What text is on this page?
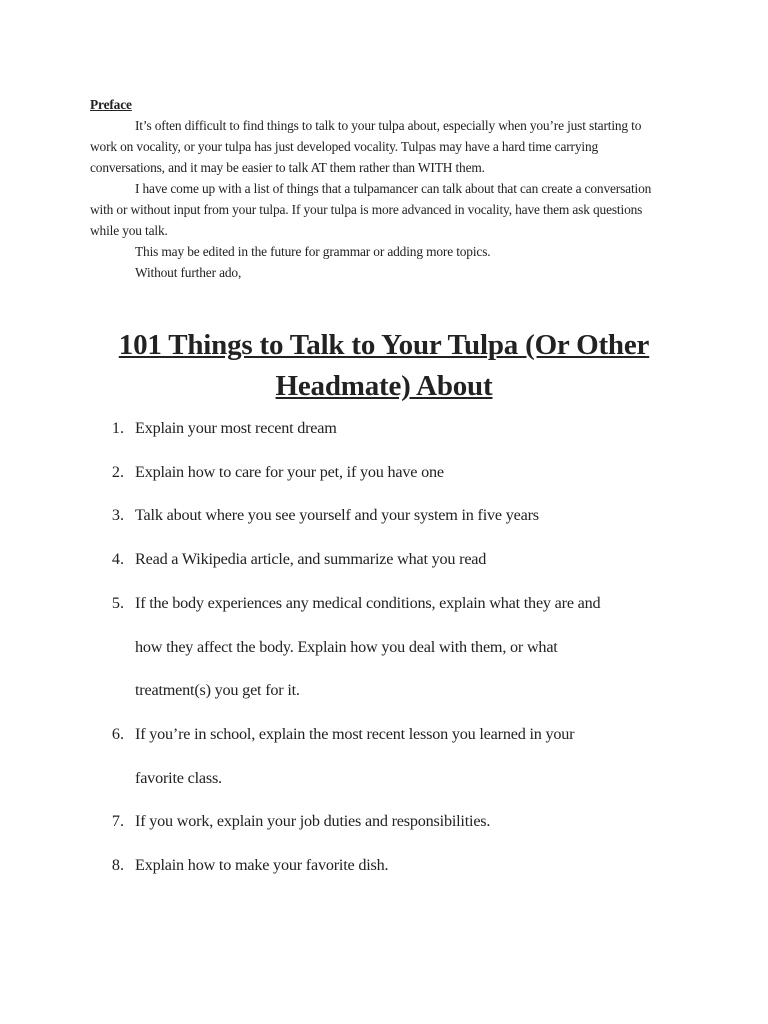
Preface

It’s often difficult to find things to talk to your tulpa about, especially when you’re just starting to work on vocality, or your tulpa has just developed vocality. Tulpas may have a hard time carrying conversations, and it may be easier to talk AT them rather than WITH them.

I have come up with a list of things that a tulpamancer can talk about that can create a conversation with or without input from your tulpa. If your tulpa is more advanced in vocality, have them ask questions while you talk.

This may be edited in the future for grammar or adding more topics.

Without further ado,

101 Things to Talk to Your Tulpa (Or Other
Headmate) About
1. Explain your most recent dream
2. Explain how to care for your pet, if you have one
3. Talk about where you see yourself and your system in five years
4. Read a Wikipedia article, and summarize what you read
5. If the body experiences any medical conditions, explain what they are and
how they affect the body. Explain how you deal with them, or what
treatment(s) you get for it.
6. If you’re in school, explain the most recent lesson you learned in your
favorite class.
7. If you work, explain your job duties and responsibilities.
8. Explain how to make your favorite dish.
